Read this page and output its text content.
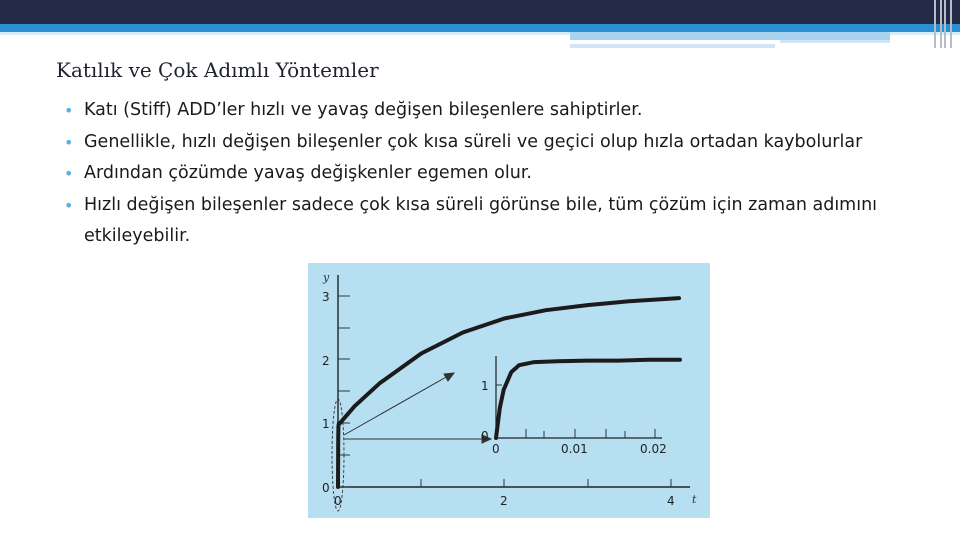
Katılık ve Çok Adımlı Yöntemler
• Katı (Stiff) ADD’ler hızlı ve yavaş değişen bileşenlere sahiptirler.
• Genellikle, hızlı değişen bileşenler çok kısa süreli ve geçici olup hızla ortadan kaybolurlar
• Ardından çözümde yavaş değişkenler egemen olur.
• Hızlı değişen bileşenler sadece çok kısa süreli görünse bile, tüm çözüm için zaman adımını etkileyebilir.
y
t
0
1
2
3
0	2	4
0
1
0	0.01	0.02
